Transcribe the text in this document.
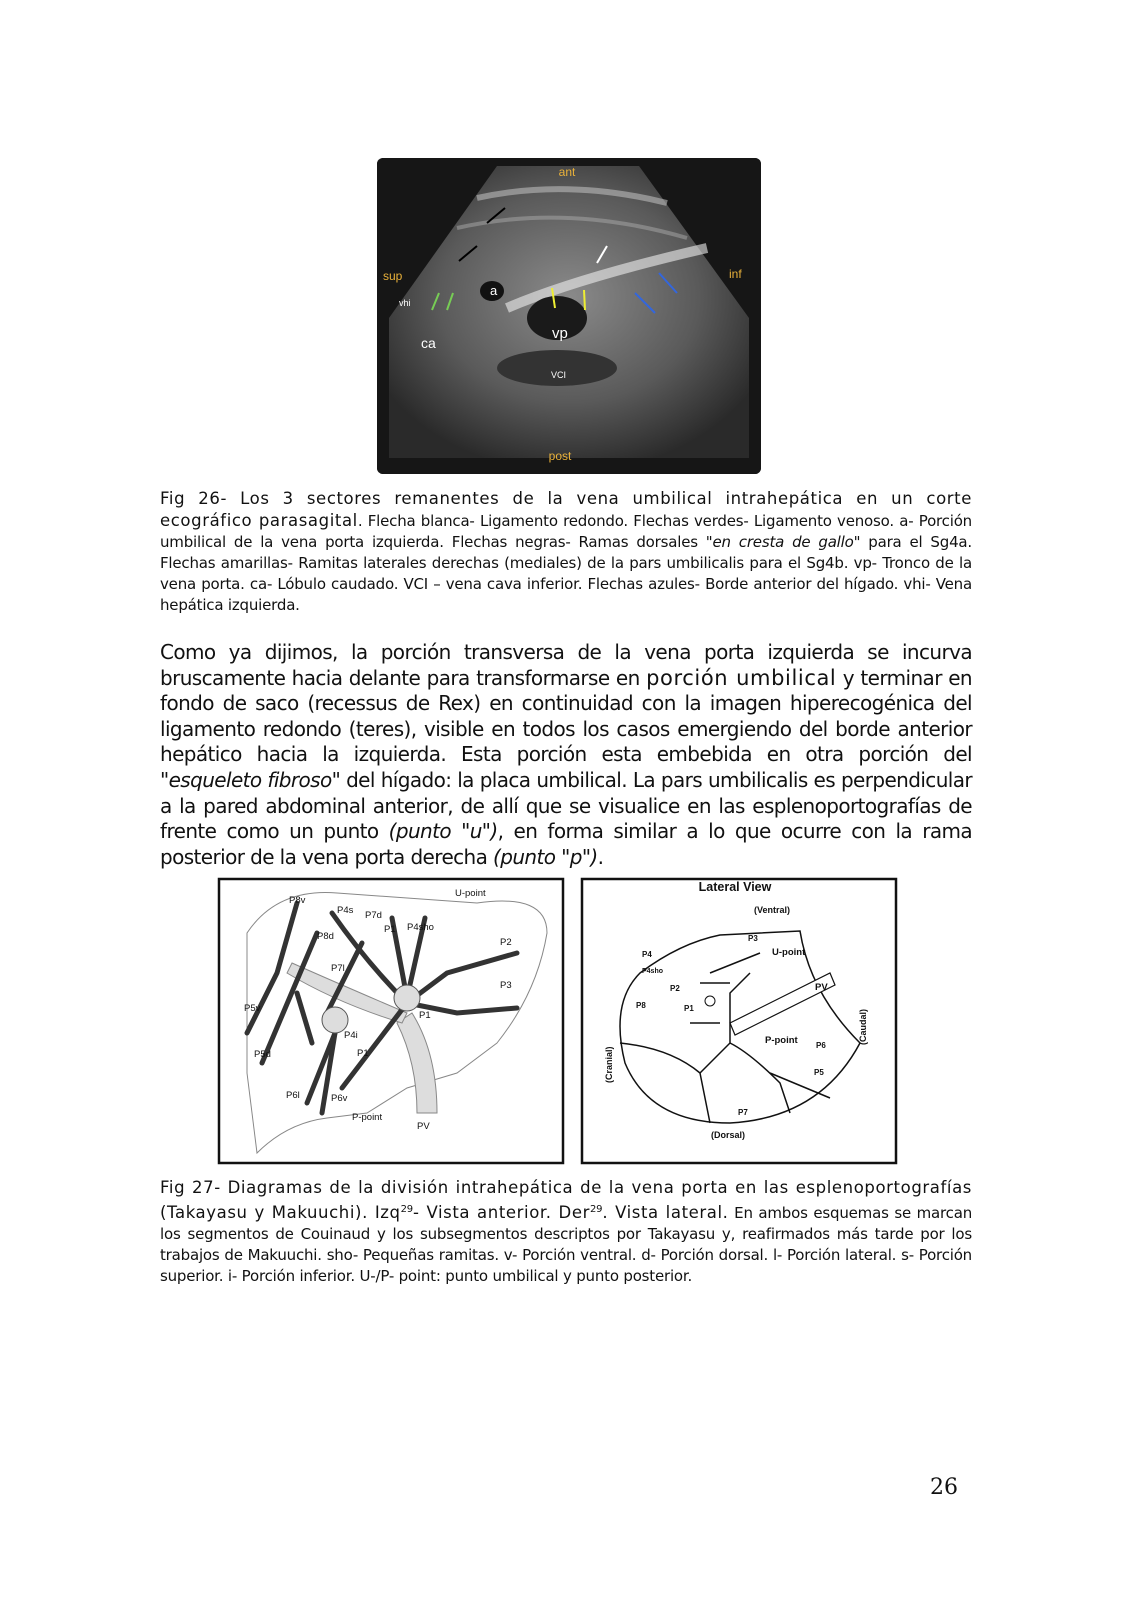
ant
post
sup	inf
vhi
a
vp
ca
VCI
Fig 26- Los 3 sectores remanentes de la vena umbilical intrahepática en un corte ecográfico parasagital. Flecha blanca- Ligamento redondo. Flechas verdes- Ligamento venoso. a- Porción umbilical de la vena porta izquierda. Flechas negras- Ramas dorsales "en cresta de gallo" para el Sg4a. Flechas amarillas- Ramitas laterales derechas (mediales) de la pars umbilicalis para el Sg4b. vp- Tronco de la vena porta. ca- Lóbulo caudado. VCI – vena cava inferior. Flechas azules- Borde anterior del hígado. vhi- Vena hepática izquierda.
Como ya dijimos, la porción transversa de la vena porta izquierda se incurva bruscamente hacia delante para transformarse en porción umbilical y terminar en fondo de saco (recessus de Rex) en continuidad con la imagen hiperecogénica del ligamento redondo (teres), visible en todos los casos emergiendo del borde anterior hepático hacia la izquierda. Esta porción esta embebida en otra porción del "esqueleto fibroso" del hígado: la placa umbilical. La pars umbilicalis es perpendicular a la pared abdominal anterior, de allí que se visualice en las esplenoportografías de frente como un punto (punto "u"), en forma similar a lo que ocurre con la rama posterior de la vena porta derecha (punto "p").
P8v
P4s P7d
P1 P4sho
U-point
P8d
P2
P7l
P3
P5v
P1
P4i
P5d	P1
P6l	P6v
P-point
PV
Lateral View
(Ventral)
(Dorsal)
(Cranial)
(Caudal)
U-point
P-point
PV
P3
P4
P4sho
P2
P1
P8
P6
P7
P5
Fig 27- Diagramas de la división intrahepática de la vena porta en las esplenoportografías (Takayasu y Makuuchi). Izq$^{29}$- Vista anterior. Der$^{29}$. Vista lateral. En ambos esquemas se marcan los segmentos de Couinaud y los subsegmentos descriptos por Takayasu y, reafirmados más tarde por los trabajos de Makuuchi. sho- Pequeñas ramitas. v- Porción ventral. d- Porción dorsal. l- Porción lateral. s- Porción superior. i- Porción inferior. U-/P- point: punto umbilical y punto posterior.
26
